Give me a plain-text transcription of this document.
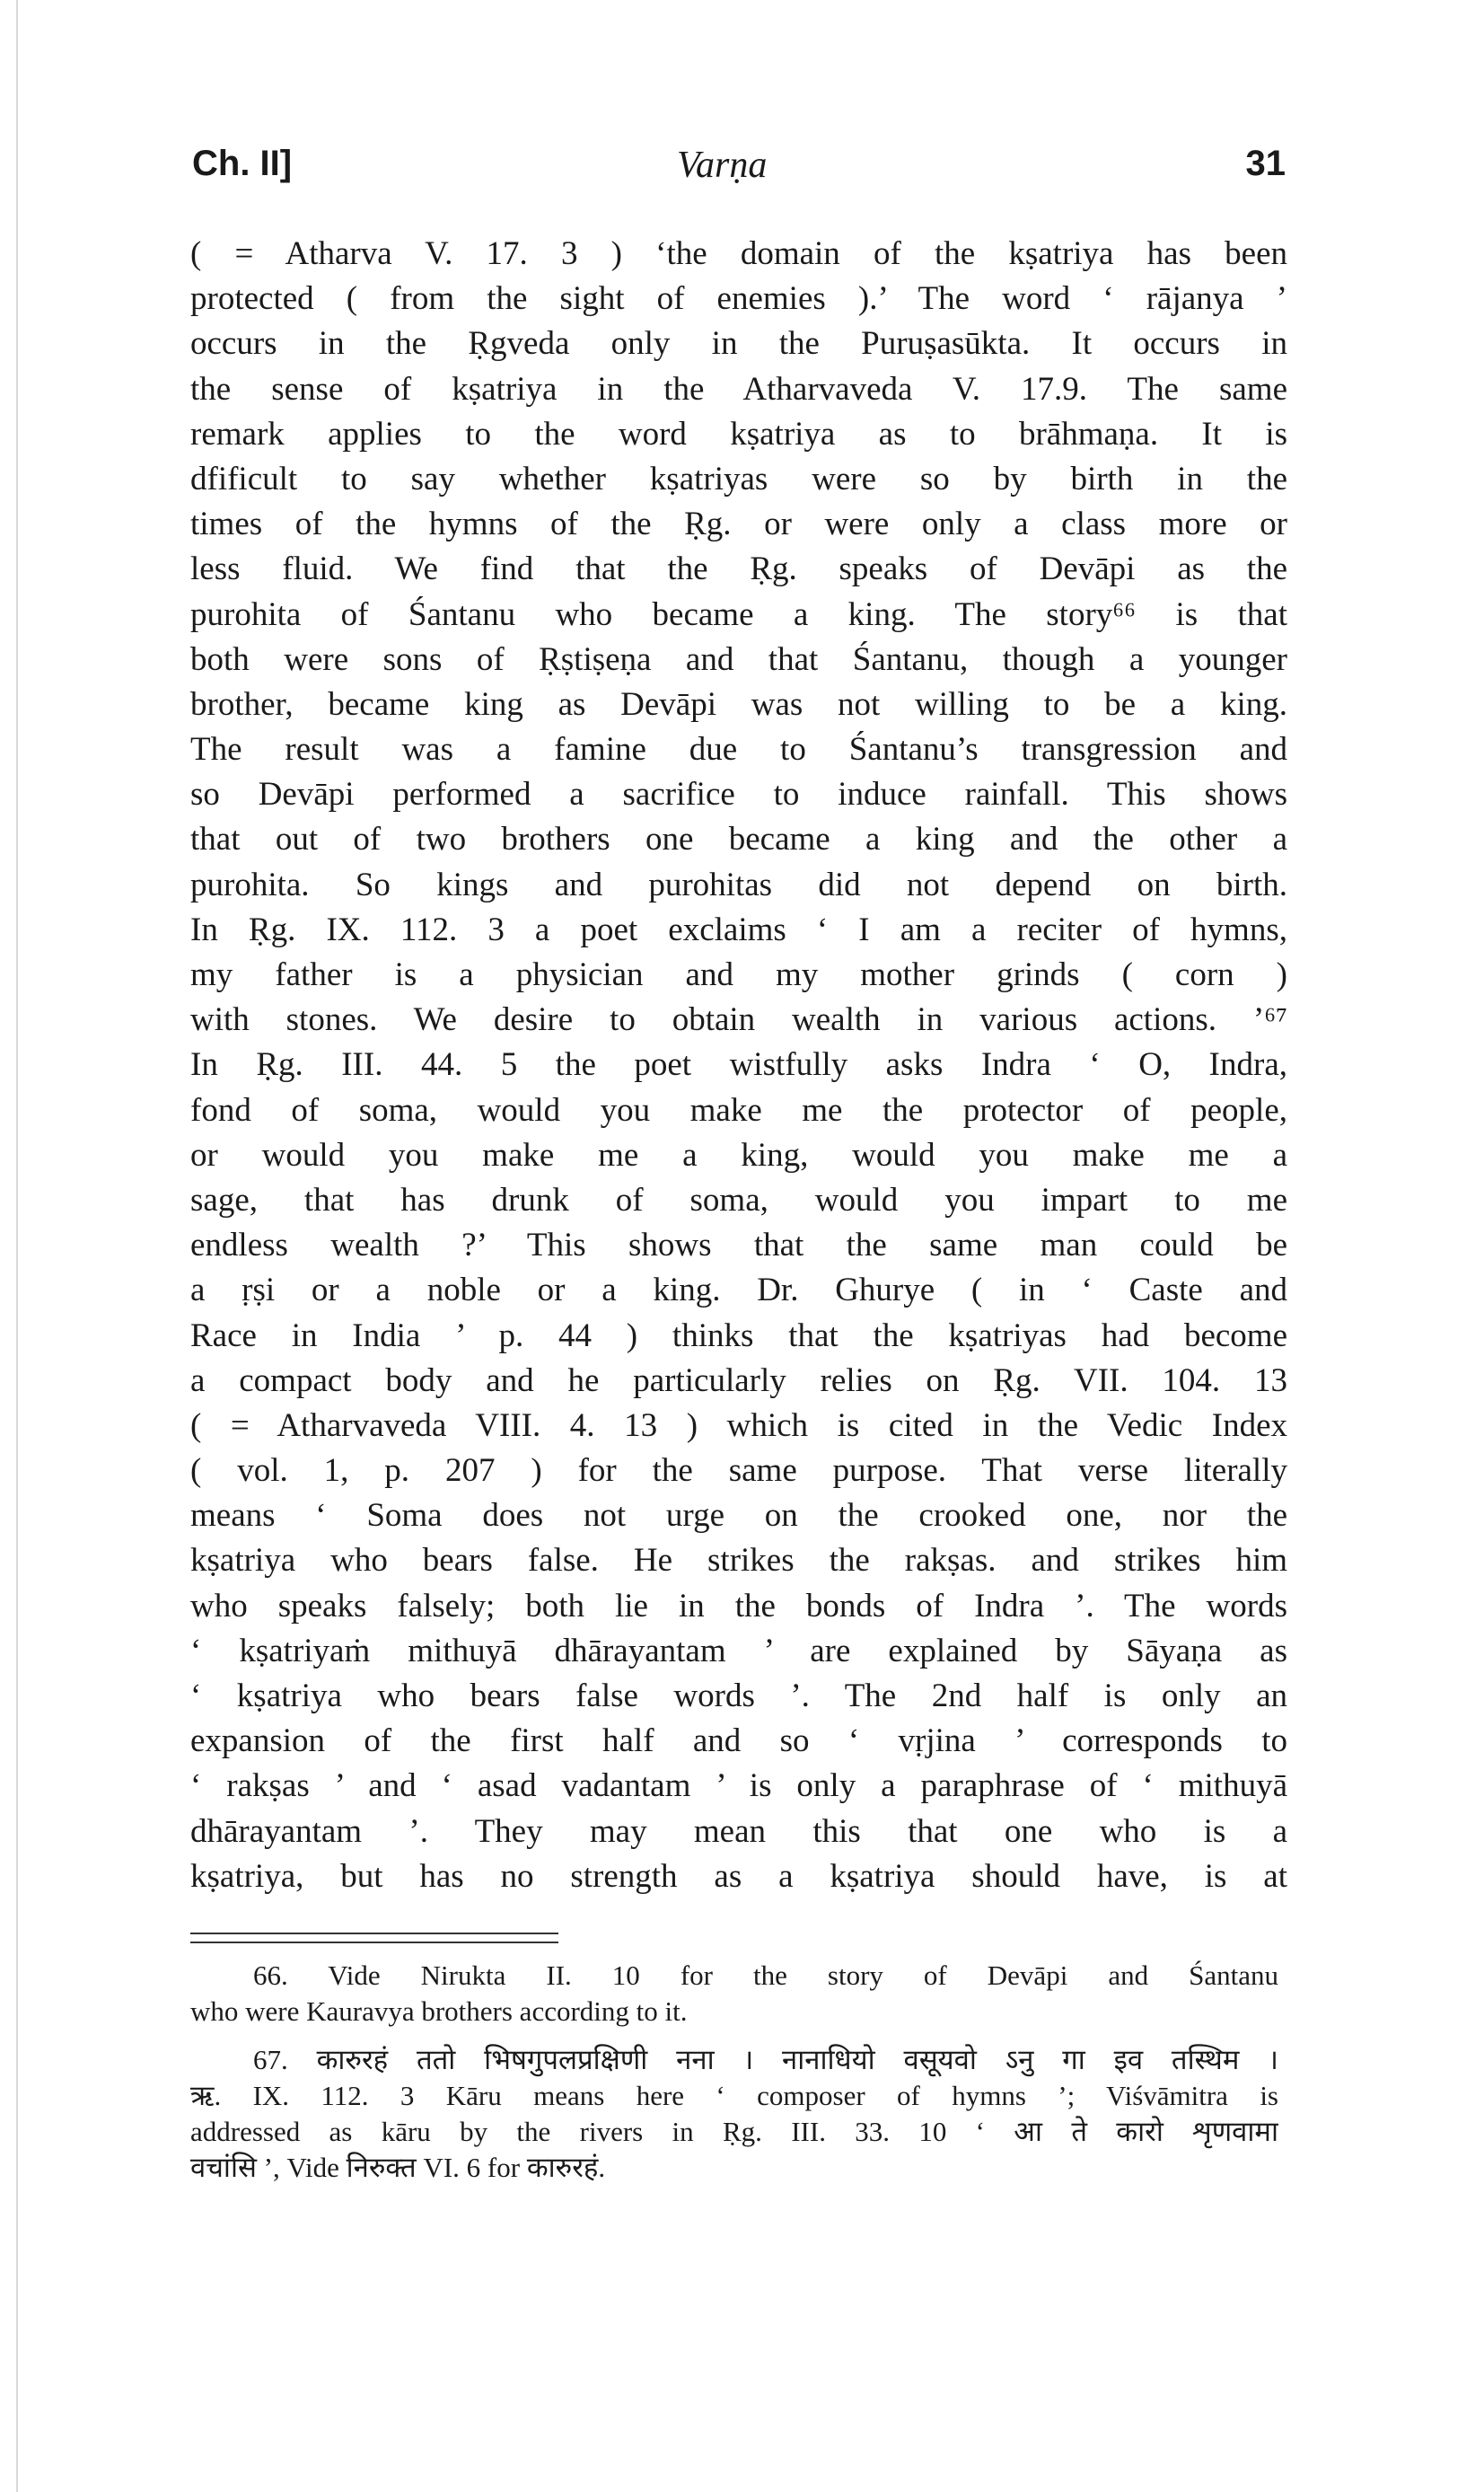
Ch. II]	Varṇa	31
( = Atharva V. 17. 3 ) ‘the domain of the kṣatriya has been
protected ( from the sight of enemies ).’ The word ‘ rājanya ’
occurs in the Ṛgveda only in the Puruṣasūkta. It occurs in
the sense of kṣatriya in the Atharvaveda V. 17.9. The same
remark applies to the word kṣatriya as to brāhmaṇa. It is
dfificult to say whether kṣatriyas were so by birth in the
times of the hymns of the Ṛg. or were only a class more or
less fluid. We find that the Ṛg. speaks of Devāpi as the
purohita of Śantanu who became a king. The story⁶⁶ is that
both were sons of Ṛṣtiṣeṇa and that Śantanu, though a younger
brother, became king as Devāpi was not willing to be a king.
The result was a famine due to Śantanu’s transgression and
so Devāpi performed a sacrifice to induce rainfall. This shows
that out of two brothers one became a king and the other a
purohita. So kings and purohitas did not depend on birth.
In Ṛg. IX. 112. 3 a poet exclaims ‘ I am a reciter of hymns,
my father is a physician and my mother grinds ( corn )
with stones. We desire to obtain wealth in various actions. ’⁶⁷
In Ṛg. III. 44. 5 the poet wistfully asks Indra ‘ O, Indra,
fond of soma, would you make me the protector of people,
or would you make me a king, would you make me a
sage, that has drunk of soma, would you impart to me
endless wealth ?’ This shows that the same man could be
a ṛṣi or a noble or a king. Dr. Ghurye ( in ‘ Caste and
Race in India ’ p. 44 ) thinks that the kṣatriyas had become
a compact body and he particularly relies on Ṛg. VII. 104. 13
( = Atharvaveda VIII. 4. 13 ) which is cited in the Vedic Index
( vol. 1, p. 207 ) for the same purpose. That verse literally
means ‘ Soma does not urge on the crooked one, nor the
kṣatriya who bears false. He strikes the rakṣas. and strikes him
who speaks falsely; both lie in the bonds of Indra ’. The words
‘ kṣatriyaṁ mithuyā dhārayantam ’ are explained by Sāyaṇa as
‘ kṣatriya who bears false words ’. The 2nd half is only an
expansion of the first half and so ‘ vṛjina ’ corresponds to
‘ rakṣas ’ and ‘ asad vadantam ’ is only a paraphrase of ‘ mithuyā
dhārayantam ’. They may mean this that one who is a
kṣatriya, but has no strength as a kṣatriya should have, is at
66. Vide Nirukta II. 10 for the story of Devāpi and Śantanu
who were Kauravya brothers according to it.
67. कारुरहं ततो भिषगुपलप्रक्षिणी नना । नानाधियो वसूयवो ऽनु गा इव तस्थिम ।
ऋ. IX. 112. 3 Kāru means here ‘ composer of hymns ’; Viśvāmitra is
addressed as kāru by the rivers in Ṛg. III. 33. 10 ‘ आ ते कारो शृणवामा
वचांसि ’, Vide निरुक्त VI. 6 for कारुरहं.
